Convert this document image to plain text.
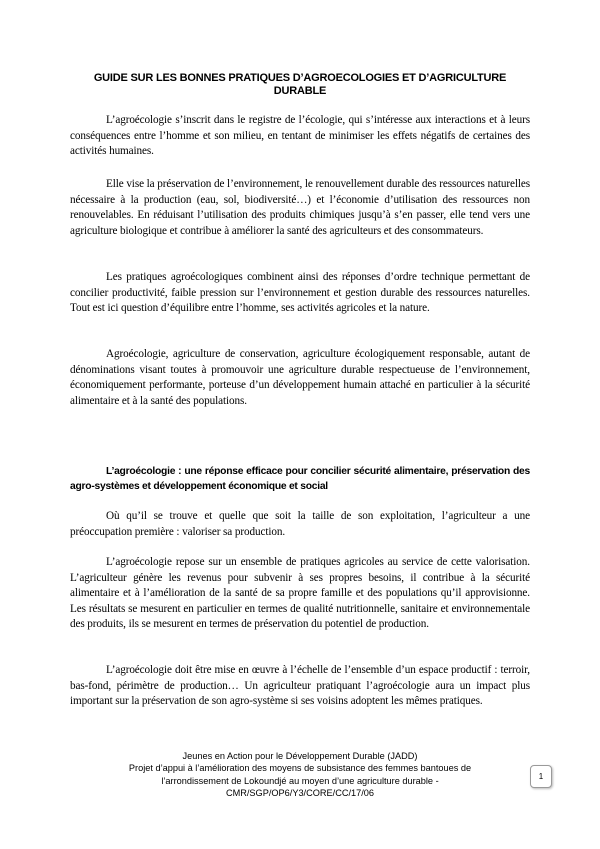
GUIDE SUR LES BONNES PRATIQUES D’AGROECOLOGIES ET D’AGRICULTURE DURABLE

L’agroécologie s’inscrit dans le registre de l’écologie, qui s’intéresse aux interactions et à leurs conséquences entre l’homme et son milieu, en tentant de minimiser les effets négatifs de certaines des activités humaines.

Elle vise la préservation de l’environnement, le renouvellement durable des ressources naturelles nécessaire à la production (eau, sol, biodiversité…) et l’économie d’utilisation des ressources non renouvelables. En réduisant l’utilisation des produits chimiques jusqu’à s’en passer, elle tend vers une agriculture biologique et contribue à améliorer la santé des agriculteurs et des consommateurs.

Les pratiques agroécologiques combinent ainsi des réponses d’ordre technique permettant de concilier productivité, faible pression sur l’environnement et gestion durable des ressources naturelles. Tout est ici question d’équilibre entre l’homme, ses activités agricoles et la nature.

Agroécologie, agriculture de conservation, agriculture écologiquement responsable, autant de dénominations visant toutes à promouvoir une agriculture durable respectueuse de l’environnement, économiquement performante, porteuse d’un développement humain attaché en particulier à la sécurité alimentaire et à la santé des populations.

L’agroécologie : une réponse efficace pour concilier sécurité alimentaire, préservation des agro-systèmes et développement économique et social

Où qu’il se trouve et quelle que soit la taille de son exploitation, l’agriculteur a une préoccupation première : valoriser sa production.

L’agroécologie repose sur un ensemble de pratiques agricoles au service de cette valorisation. L’agriculteur génère les revenus pour subvenir à ses propres besoins, il contribue à la sécurité alimentaire et à l’amélioration de la santé de sa propre famille et des populations qu’il approvisionne. Les résultats se mesurent en particulier en termes de qualité nutritionnelle, sanitaire et environnementale des produits, ils se mesurent en termes de préservation du potentiel de production.

L’agroécologie doit être mise en œuvre à l’échelle de l’ensemble d’un espace productif : terroir, bas-fond, périmètre de production… Un agriculteur pratiquant l’agroécologie aura un impact plus important sur la préservation de son agro-système si ses voisins adoptent les mêmes pratiques.

Jeunes en Action pour le Développement Durable (JADD)
Projet d’appui à l’amélioration des moyens de subsistance des femmes bantoues de
l’arrondissement de Lokoundjé au moyen d’une agriculture durable -
CMR/SGP/OP6/Y3/CORE/CC/17/06
1
